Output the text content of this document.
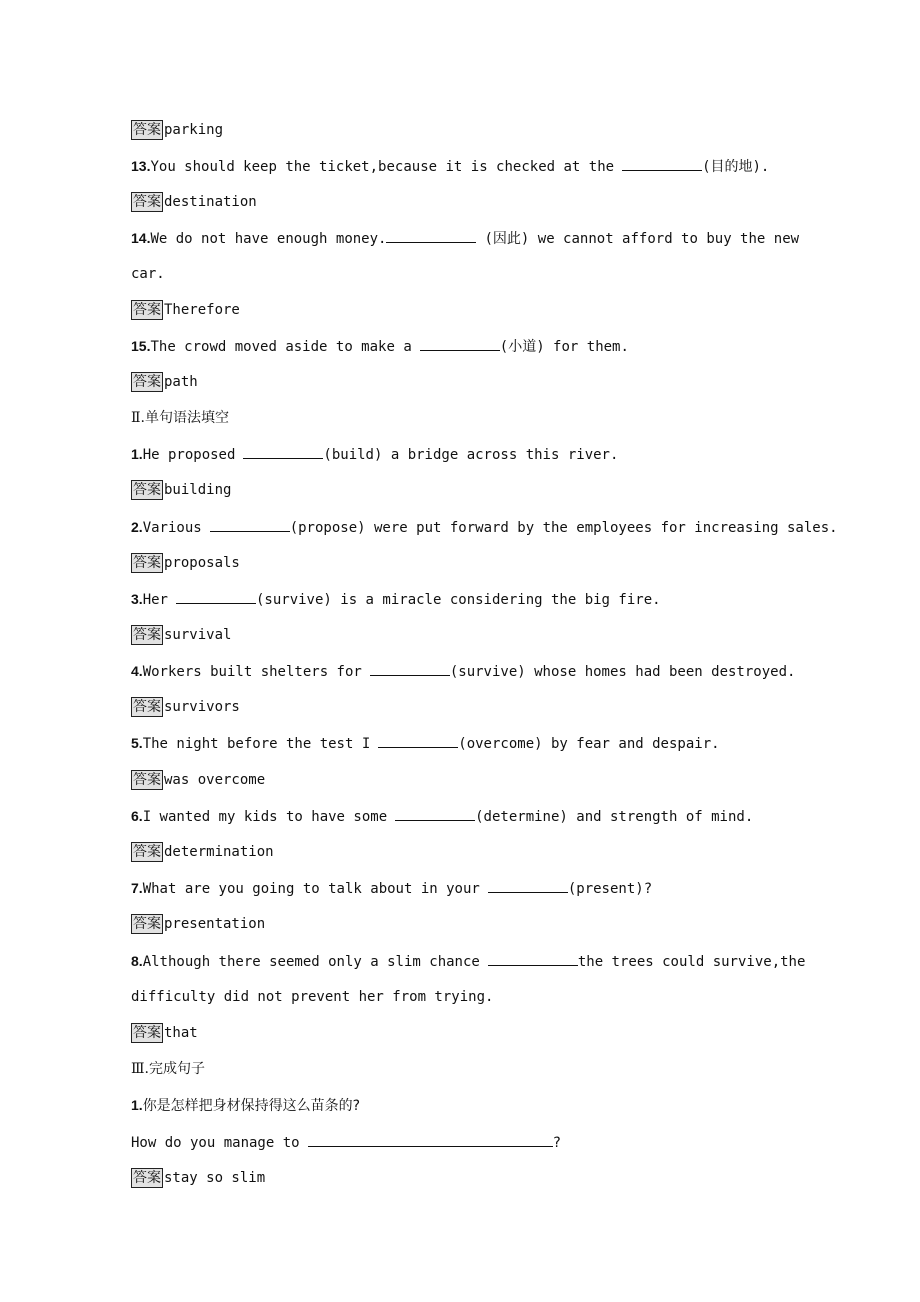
答案 parking
13.You should keep the ticket,because it is checked at the	(目的地).
答案 destination
14.We do not have enough money.	(因此) we cannot afford to buy the new
car.
答案 Therefore
15.The crowd moved aside to make a	(小道) for them.
答案 path
Ⅱ.单句语法填空
1.He proposed	(build) a bridge across this river.
答案 building
2.Various	(propose) were put forward by the employees for increasing sales.
答案 proposals
3.Her	(survive) is a miracle considering the big fire.
答案 survival
4.Workers built shelters for	(survive) whose homes had been destroyed.
答案 survivors
5.The night before the test I	(overcome) by fear and despair.
答案 was overcome
6.I wanted my kids to have some	(determine) and strength of mind.
答案 determination
7.What are you going to talk about in your	(present)?
答案 presentation
8.Although there seemed only a slim chance	the trees could survive,the
difficulty did not prevent her from trying.
答案 that
Ⅲ.完成句子
1.你是怎样把身材保持得这么苗条的?
How do you manage to	?
答案 stay so slim
